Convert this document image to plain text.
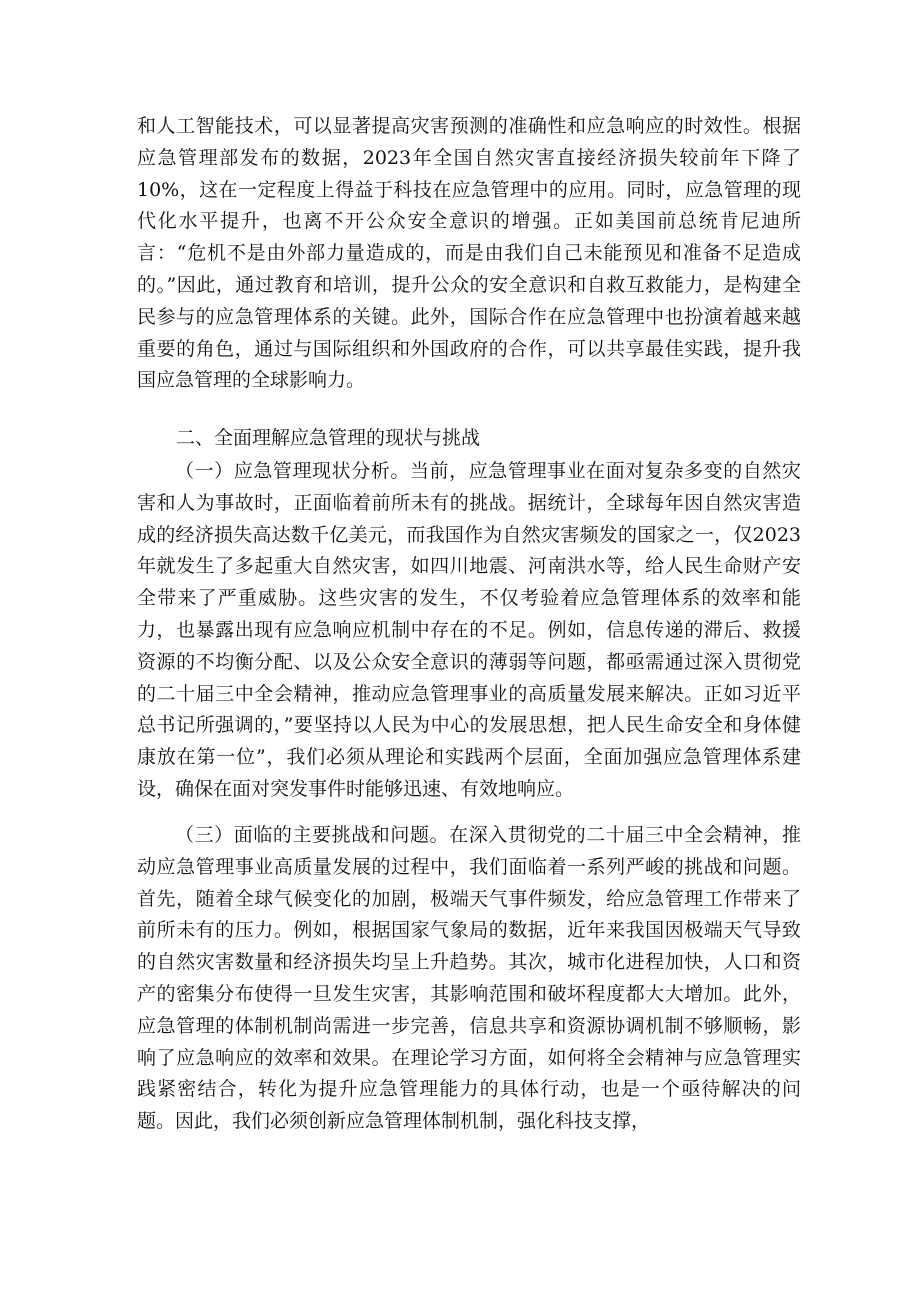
和人工智能技术，可以显著提高灾害预测的准确性和应急响应的时效性。根据应急管理部发布的数据，2023年全国自然灾害直接经济损失较前年下降了10%，这在一定程度上得益于科技在应急管理中的应用。同时，应急管理的现代化水平提升，也离不开公众安全意识的增强。正如美国前总统肯尼迪所言：“危机不是由外部力量造成的，而是由我们自己未能预见和准备不足造成的。”因此，通过教育和培训，提升公众的安全意识和自救互救能力，是构建全民参与的应急管理体系的关键。此外，国际合作在应急管理中也扮演着越来越重要的角色，通过与国际组织和外国政府的合作，可以共享最佳实践，提升我国应急管理的全球影响力。

二、全面理解应急管理的现状与挑战

（一）应急管理现状分析。当前，应急管理事业在面对复杂多变的自然灾害和人为事故时，正面临着前所未有的挑战。据统计，全球每年因自然灾害造成的经济损失高达数千亿美元，而我国作为自然灾害频发的国家之一，仅2023年就发生了多起重大自然灾害，如四川地震、河南洪水等，给人民生命财产安全带来了严重威胁。这些灾害的发生，不仅考验着应急管理体系的效率和能力，也暴露出现有应急响应机制中存在的不足。例如，信息传递的滞后、救援资源的不均衡分配、以及公众安全意识的薄弱等问题，都亟需通过深入贯彻党的二十届三中全会精神，推动应急管理事业的高质量发展来解决。正如习近平总书记所强调的，”要坚持以人民为中心的发展思想，把人民生命安全和身体健康放在第一位”，我们必须从理论和实践两个层面，全面加强应急管理体系建设，确保在面对突发事件时能够迅速、有效地响应。

（三）面临的主要挑战和问题。在深入贯彻党的二十届三中全会精神，推动应急管理事业高质量发展的过程中，我们面临着一系列严峻的挑战和问题。首先，随着全球气候变化的加剧，极端天气事件频发，给应急管理工作带来了前所未有的压力。例如，根据国家气象局的数据，近年来我国因极端天气导致的自然灾害数量和经济损失均呈上升趋势。其次，城市化进程加快，人口和资产的密集分布使得一旦发生灾害，其影响范围和破坏程度都大大增加。此外，应急管理的体制机制尚需进一步完善，信息共享和资源协调机制不够顺畅，影响了应急响应的效率和效果。在理论学习方面，如何将全会精神与应急管理实践紧密结合，转化为提升应急管理能力的具体行动，也是一个亟待解决的问题。因此，我们必须创新应急管理体制机制，强化科技支撑，
